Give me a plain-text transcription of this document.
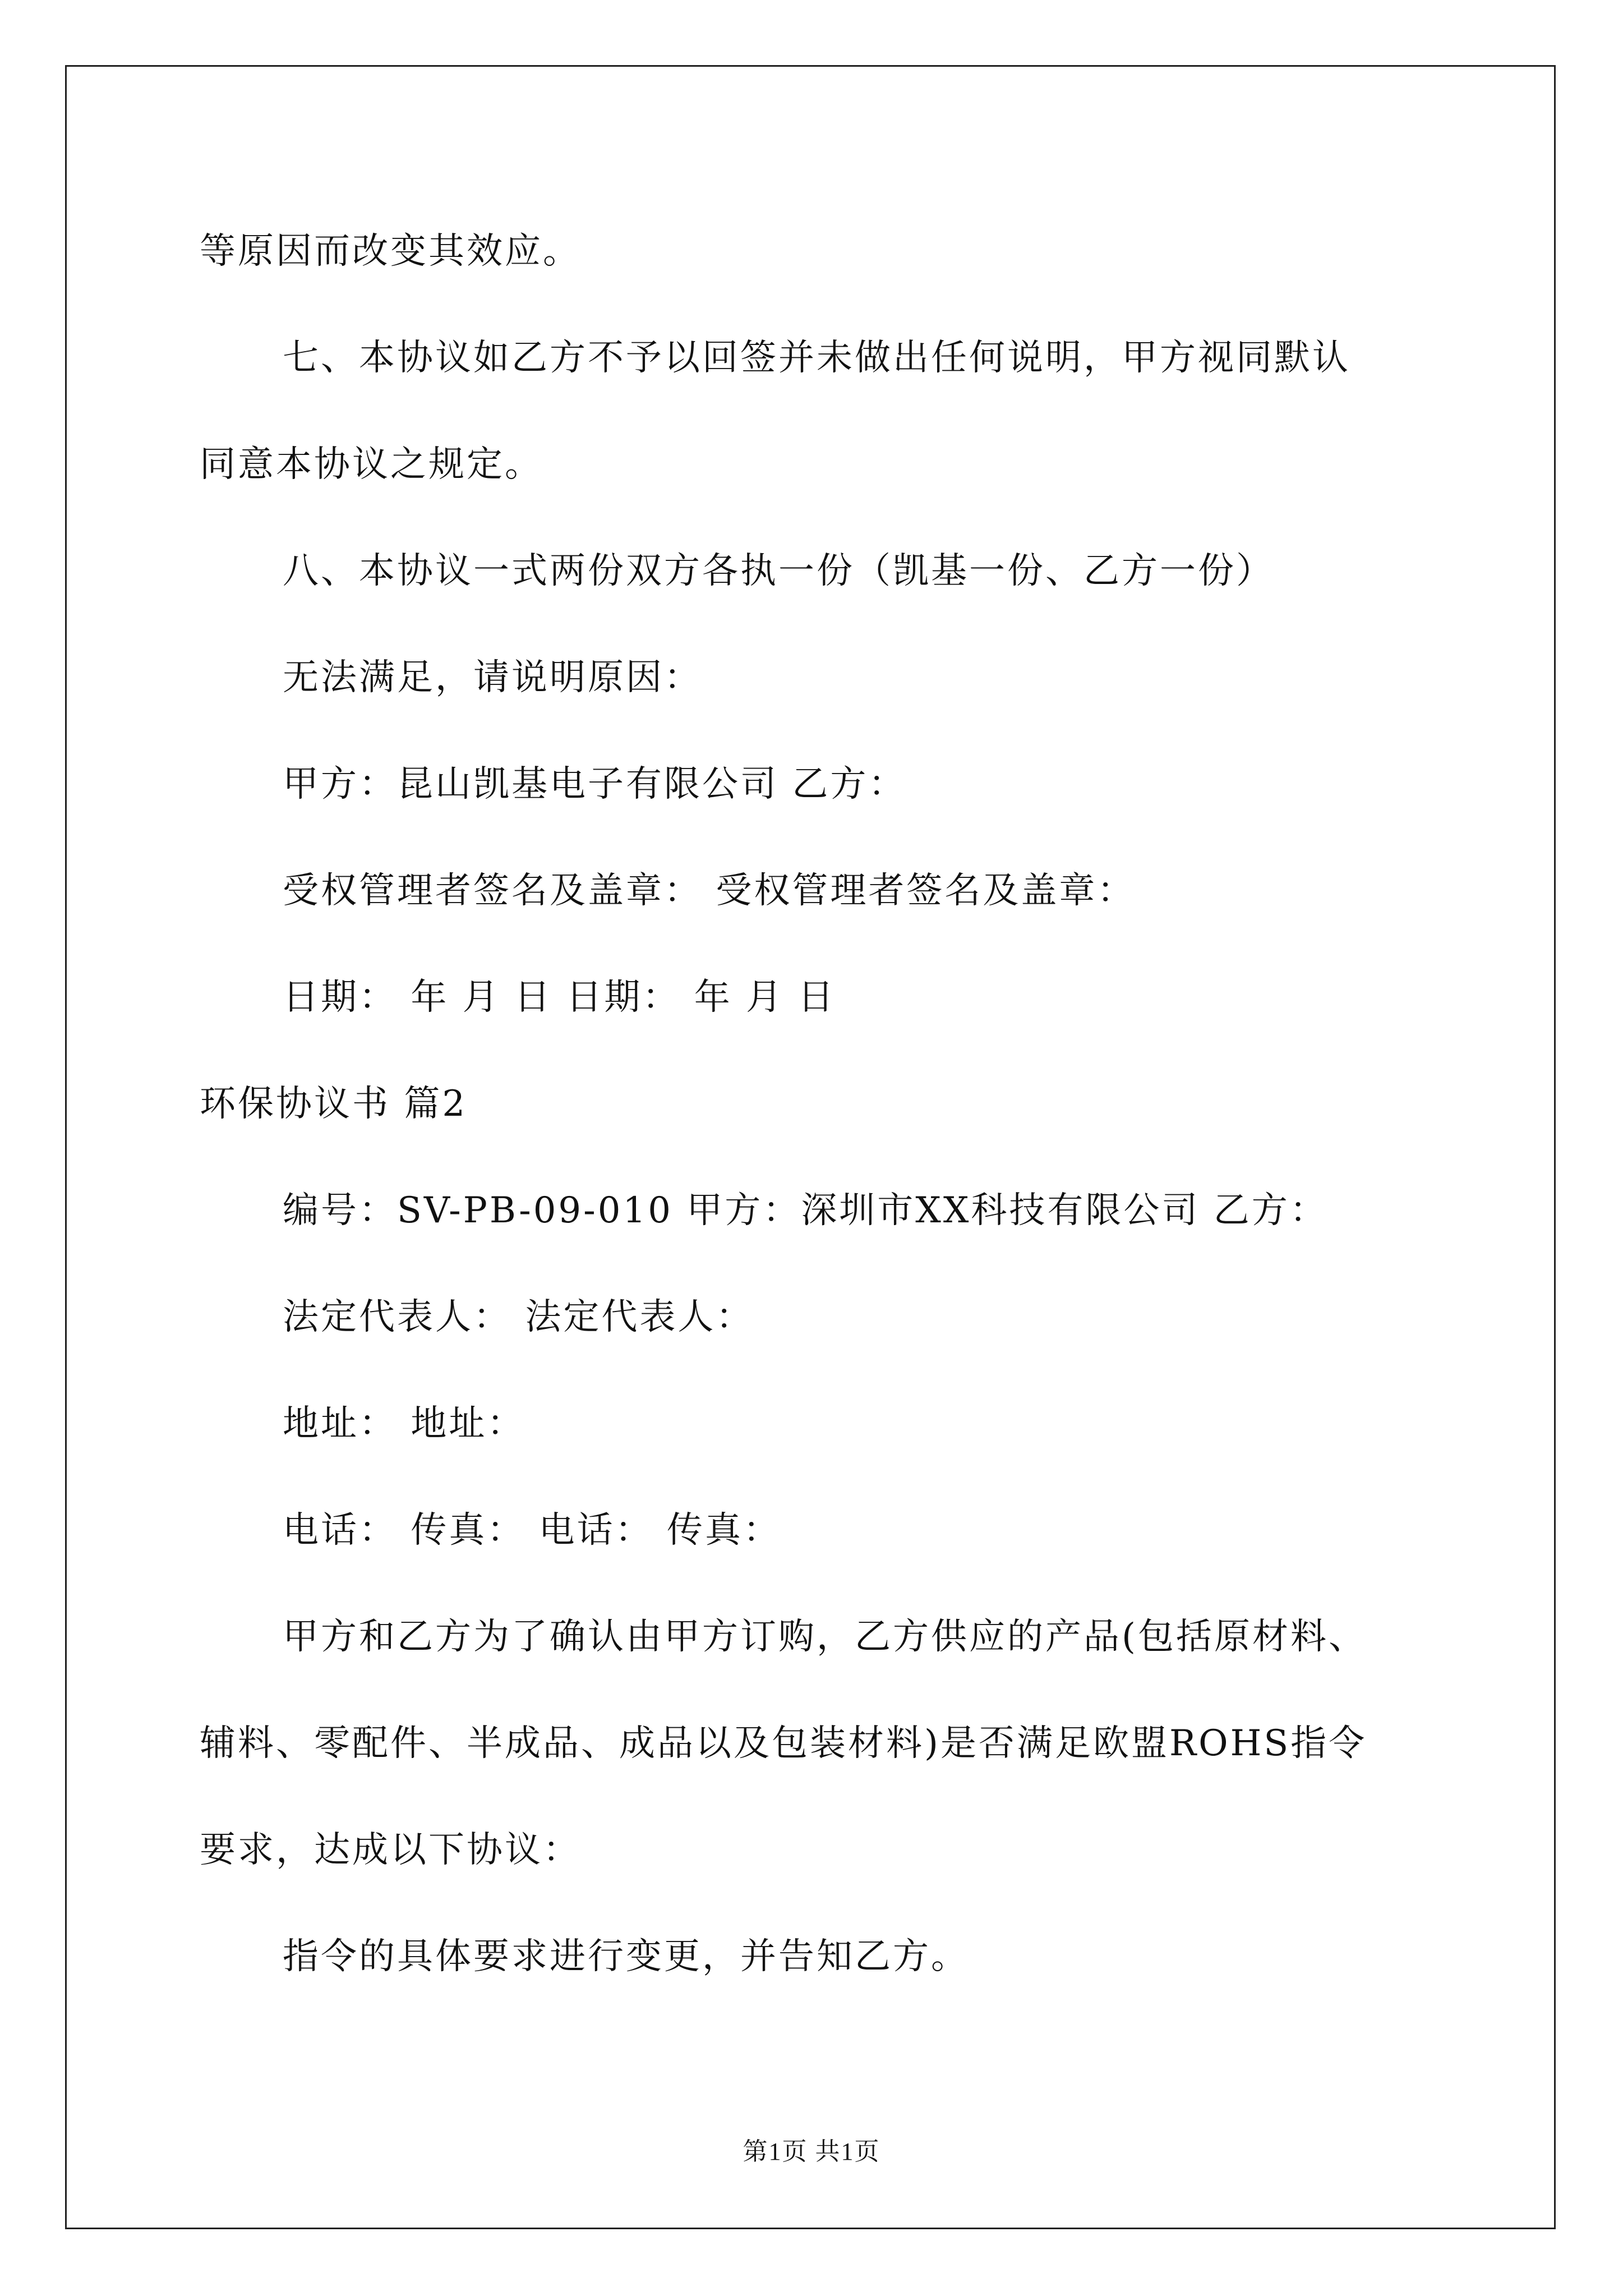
等原因而改变其效应。
七、本协议如乙方不予以回签并未做出任何说明，甲方视同默认
同意本协议之规定。
八、本协议一式两份双方各执一份（凯基一份、乙方一份）
无法满足，请说明原因：
甲方：昆山凯基电子有限公司 乙方：
受权管理者签名及盖章： 受权管理者签名及盖章：
日期： 年 月 日 日期： 年 月 日
环保协议书 篇2
编号：SV-PB-09-010 甲方：深圳市XX科技有限公司 乙方：
法定代表人： 法定代表人：
地址： 地址：
电话： 传真： 电话： 传真：
甲方和乙方为了确认由甲方订购，乙方供应的产品(包括原材料、
辅料、零配件、半成品、成品以及包装材料)是否满足欧盟ROHS指令
要求，达成以下协议：
指令的具体要求进行变更，并告知乙方。
第1页 共1页
